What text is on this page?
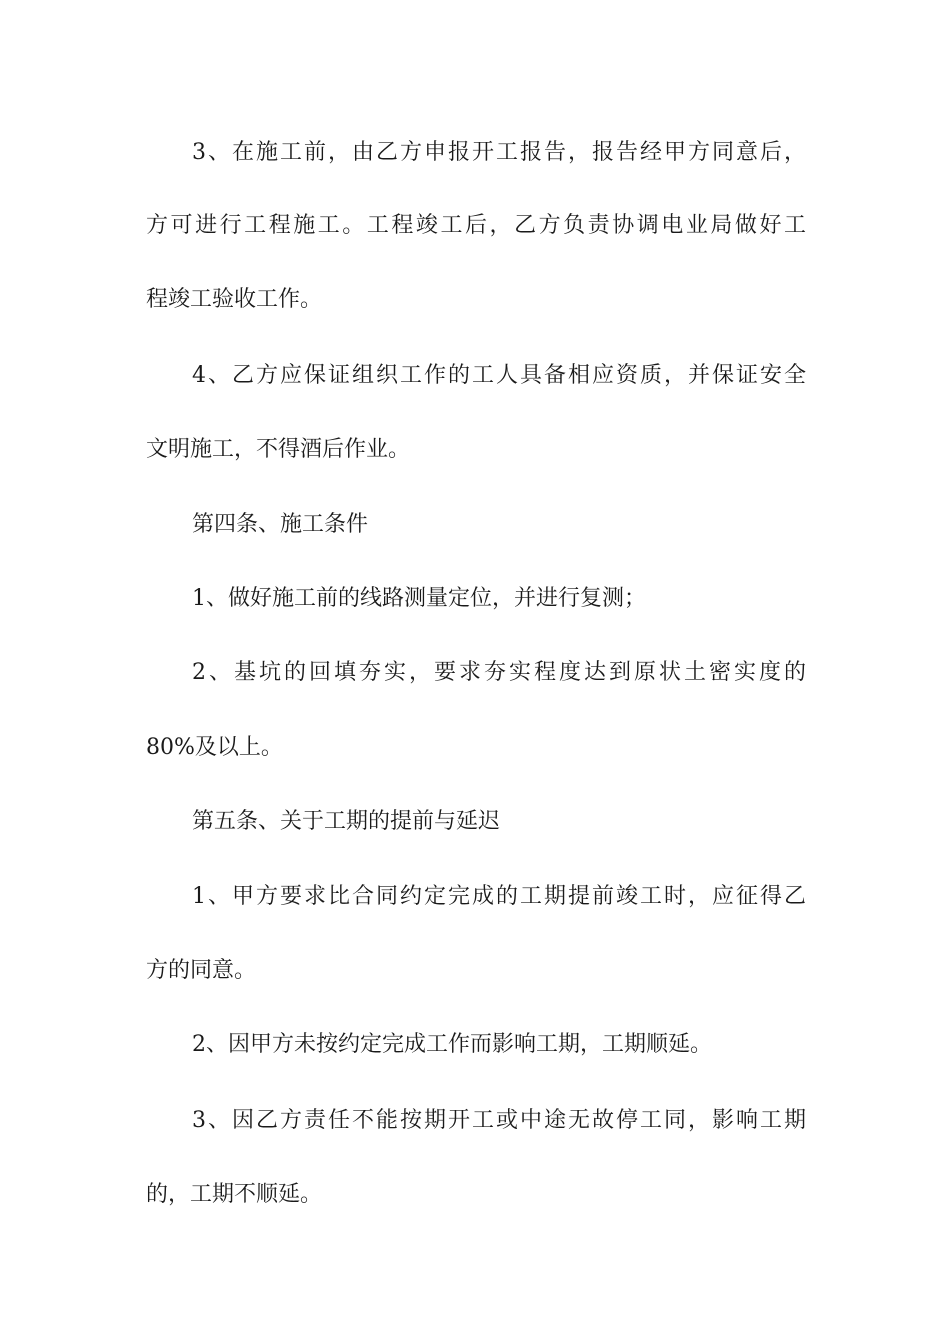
3、在施工前，由乙方申报开工报告，报告经甲方同意后，
方可进行工程施工。工程竣工后，乙方负责协调电业局做好工
程竣工验收工作。
4、乙方应保证组织工作的工人具备相应资质，并保证安全
文明施工，不得酒后作业。
第四条、施工条件
1、做好施工前的线路测量定位，并进行复测；
2、基坑的回填夯实，要求夯实程度达到原状土密实度的
80%及以上。
第五条、关于工期的提前与延迟
1、甲方要求比合同约定完成的工期提前竣工时，应征得乙
方的同意。
2、因甲方未按约定完成工作而影响工期，工期顺延。
3、因乙方责任不能按期开工或中途无故停工同，影响工期
的，工期不顺延。
